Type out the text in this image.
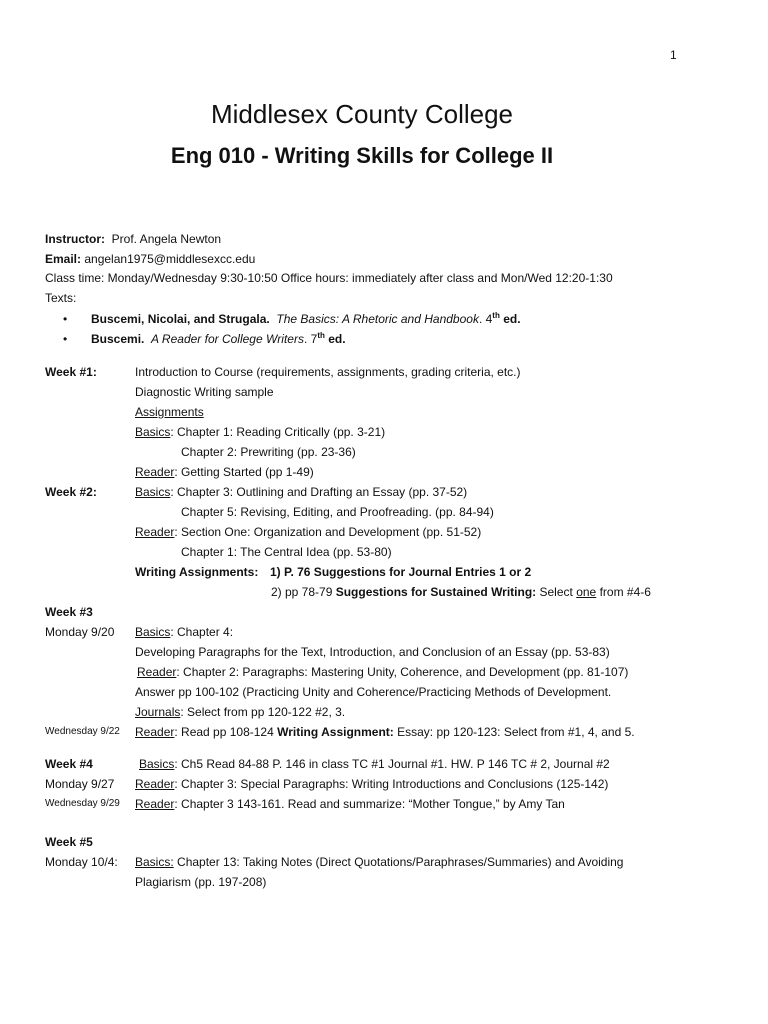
1
Middlesex County College
Eng 010 - Writing Skills for College II
Instructor: Prof. Angela Newton
Email: angelan1975@middlesexcc.edu
Class time: Monday/Wednesday 9:30-10:50 Office hours: immediately after class and Mon/Wed 12:20-1:30
Texts:
• Buscemi, Nicolai, and Strugala. The Basics: A Rhetoric and Handbook. 4th ed.
• Buscemi. A Reader for College Writers. 7th ed.
Week #1:	Introduction to Course (requirements, assignments, grading criteria, etc.)
Diagnostic Writing sample
Assignments
Basics: Chapter 1: Reading Critically (pp. 3-21)
Chapter 2: Prewriting (pp. 23-36)
Reader: Getting Started (pp 1-49)
Week #2:	Basics: Chapter 3: Outlining and Drafting an Essay (pp. 37-52)
Chapter 5: Revising, Editing, and Proofreading. (pp. 84-94)
Reader: Section One: Organization and Development (pp. 51-52)
Chapter 1: The Central Idea (pp. 53-80)
Writing Assignments: 1) P. 76 Suggestions for Journal Entries 1 or 2
2) pp 78-79 Suggestions for Sustained Writing: Select one from #4-6
Week #3
Monday 9/20 Basics: Chapter 4:
Developing Paragraphs for the Text, Introduction, and Conclusion of an Essay (pp. 53-83)
Reader: Chapter 2: Paragraphs: Mastering Unity, Coherence, and Development (pp. 81-107)
Answer pp 100-102 (Practicing Unity and Coherence/Practicing Methods of Development.
Journals: Select from pp 120-122 #2, 3.
Wednesday 9/22 Reader: Read pp 108-124 Writing Assignment: Essay: pp 120-123: Select from #1, 4, and 5.
Week #4	Basics: Ch5 Read 84-88 P. 146 in class TC #1 Journal #1. HW. P 146 TC # 2, Journal #2
Monday 9/27 Reader: Chapter 3: Special Paragraphs: Writing Introductions and Conclusions (125-142)
Wednesday 9/29 Reader: Chapter 3 143-161. Read and summarize: “Mother Tongue,” by Amy Tan
Week #5
Monday 10/4: Basics: Chapter 13: Taking Notes (Direct Quotations/Paraphrases/Summaries) and Avoiding
Plagiarism (pp. 197-208)
